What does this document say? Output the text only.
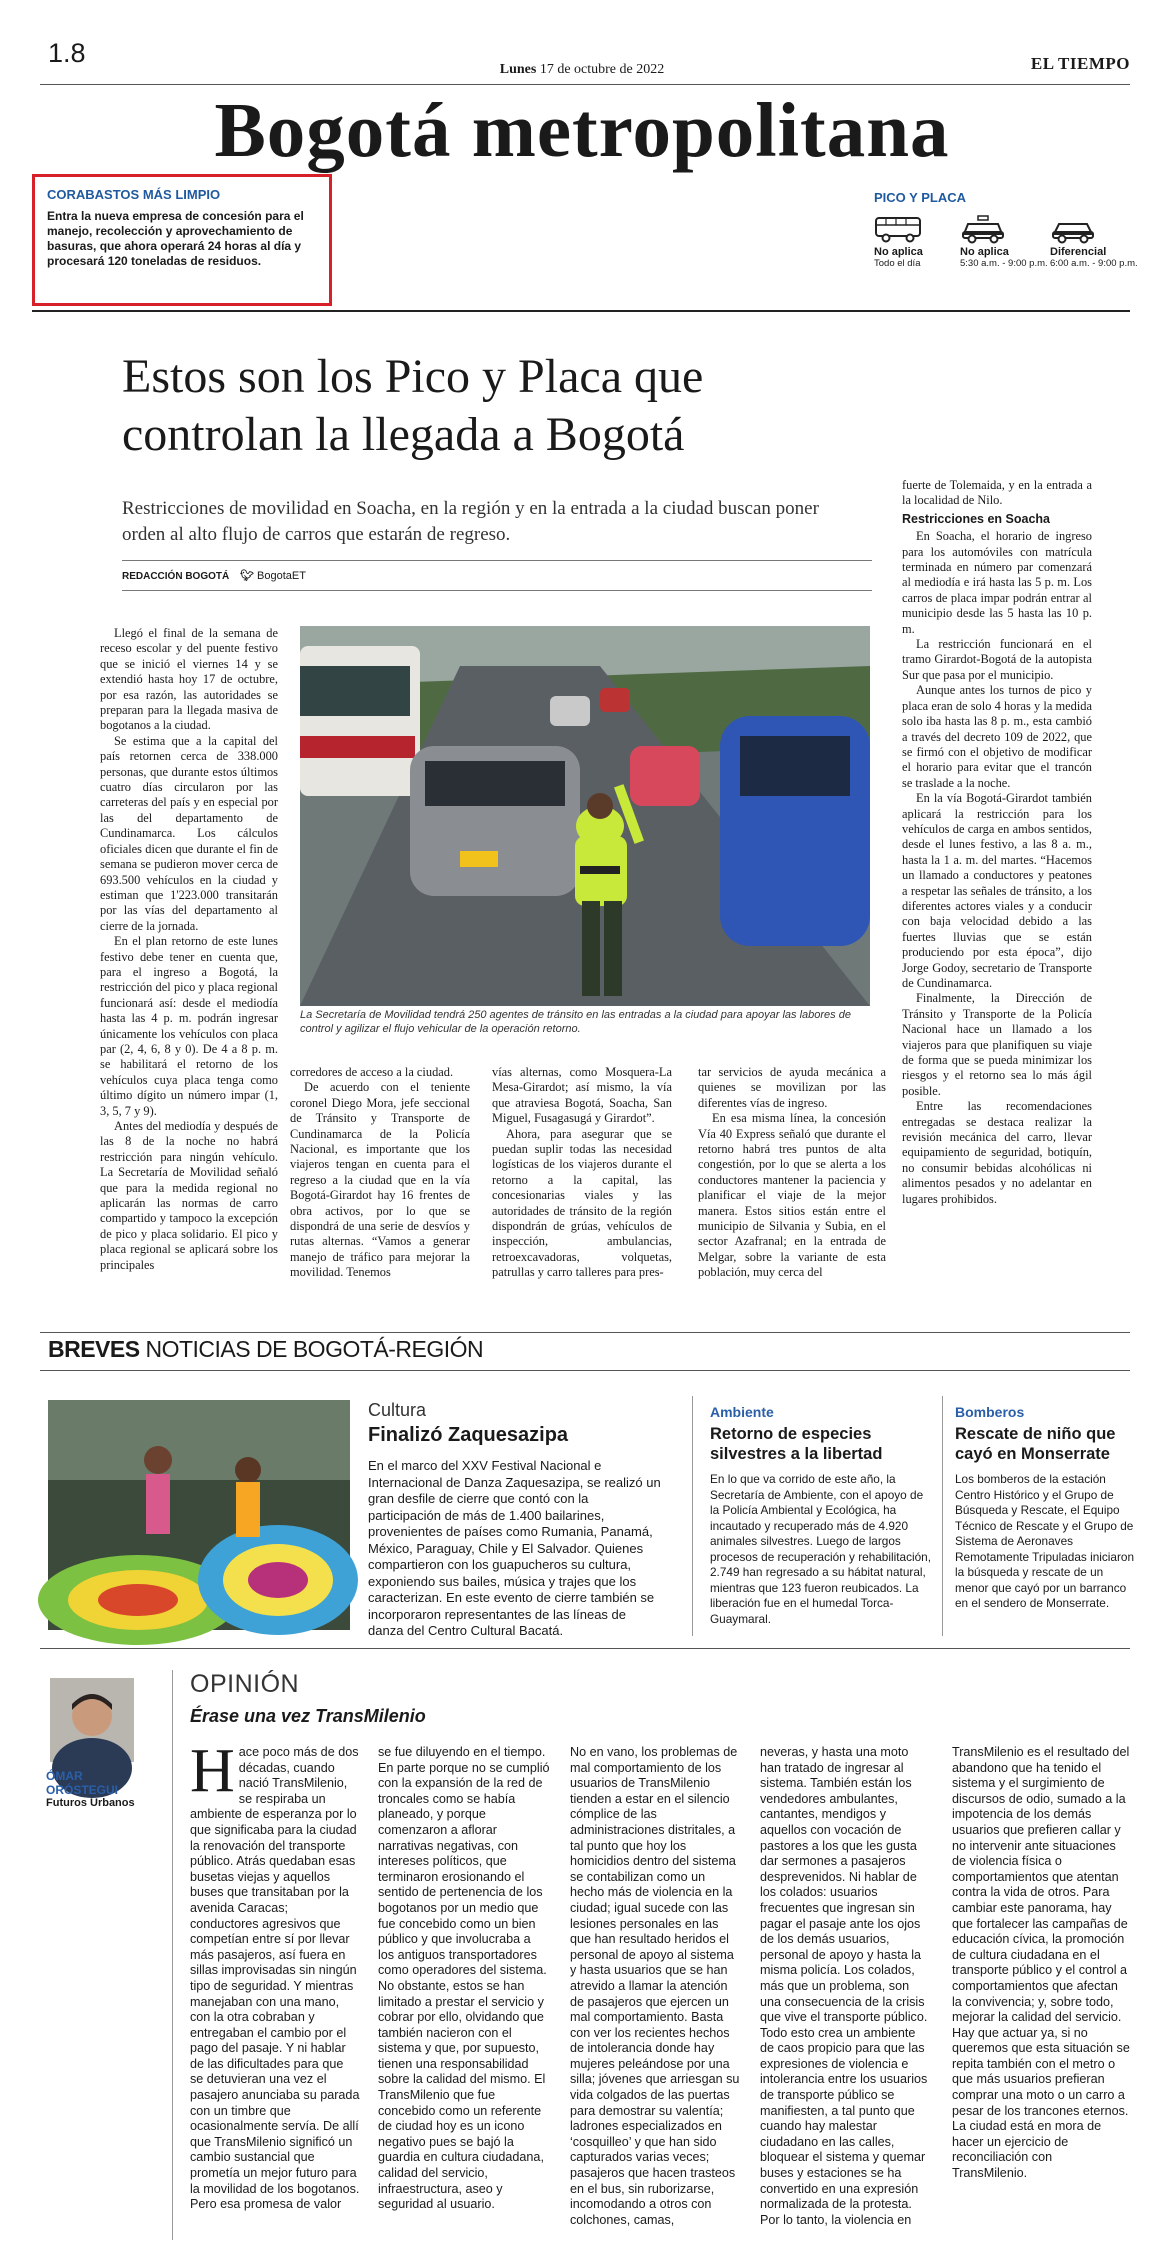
1.8
Lunes 17 de octubre de 2022	EL TIEMPO
Bogotá metropolitana
CORABASTOS MÁS LIMPIO
Entra la nueva empresa de concesión para el manejo, recolección y aprovechamiento de basuras, que ahora operará 24 horas al día y procesará 120 toneladas de residuos.
PICO Y PLACA
No aplica
Todo el día
No aplica
5:30 a.m. - 9:00 p.m.
Diferencial
6:00 a.m. - 9:00 p.m.
Estos son los Pico y Placa que
controlan la llegada a Bogotá
Restricciones de movilidad en Soacha, en la región y en la entrada a la ciudad buscan poner orden al alto flujo de carros que estarán de regreso.
REDACCIÓN BOGOTÁ 🐦︎ BogotaET

Llegó el final de la semana de receso escolar y del puente festivo que se inició el viernes 14 y se extendió hasta hoy 17 de octubre, por esa razón, las autoridades se preparan para la llegada masiva de bogotanos a la ciudad.

Se estima que a la capital del país retornen cerca de 338.000 personas, que durante estos últimos cuatro días circularon por las carreteras del país y en especial por las del departamento de Cundinamarca. Los cálculos oficiales dicen que durante el fin de semana se pudieron mover cerca de 693.500 vehículos en la ciudad y estiman que 1'223.000 transitarán por las vías del departamento al cierre de la jornada.

En el plan retorno de este lunes festivo debe tener en cuenta que, para el ingreso a Bogotá, la restricción del pico y placa regional funcionará así: desde el mediodía hasta las 4 p. m. podrán ingresar únicamente los vehículos con placa par (2, 4, 6, 8 y 0). De 4 a 8 p. m. se habilitará el retorno de los vehículos cuya placa tenga como último dígito un número impar (1, 3, 5, 7 y 9).

Antes del mediodía y después de las 8 de la noche no habrá restricción para ningún vehículo. La Secretaría de Movilidad señaló que para la medida regional no aplicarán las normas de carro compartido y tampoco la excepción de pico y placa solidario. El pico y placa regional se aplicará sobre los principales

La Secretaría de Movilidad tendrá 250 agentes de tránsito en las entradas a la ciudad para apoyar las labores de control y agilizar el flujo vehicular de la operación retorno.

corredores de acceso a la ciudad.

De acuerdo con el teniente coronel Diego Mora, jefe seccional de Tránsito y Transporte de Cundinamarca de la Policía Nacional, es importante que los viajeros tengan en cuenta para el regreso a la ciudad que en la vía Bogotá-Girardot hay 16 frentes de obra activos, por lo que se dispondrá de una serie de desvíos y rutas alternas. “Vamos a generar manejo de tráfico para mejorar la movilidad. Tenemos

vías alternas, como Mosquera-La Mesa-Girardot; así mismo, la vía que atraviesa Bogotá, Soacha, San Miguel, Fusagasugá y Girardot”.

Ahora, para asegurar que se puedan suplir todas las necesidad logísticas de los viajeros durante el retorno a la capital, las concesionarias viales y las autoridades de tránsito de la región dispondrán de grúas, vehículos de inspección, ambulancias, retroexcavadoras, volquetas, patrullas y carro talleres para pres-

tar servicios de ayuda mecánica a quienes se movilizan por las diferentes vías de ingreso.

En esa misma línea, la concesión Vía 40 Express señaló que durante el retorno habrá tres puntos de alta congestión, por lo que se alerta a los conductores mantener la paciencia y planificar el viaje de la mejor manera. Estos sitios están entre el municipio de Silvania y Subia, en el sector Azafranal; en la entrada de Melgar, sobre la variante de esta población, muy cerca del

fuerte de Tolemaida, y en la entrada a la localidad de Nilo.

Restricciones en Soacha

En Soacha, el horario de ingreso para los automóviles con matrícula terminada en número par comenzará al mediodía e irá hasta las 5 p. m. Los carros de placa impar podrán entrar al municipio desde las 5 hasta las 10 p. m.

La restricción funcionará en el tramo Girardot-Bogotá de la autopista Sur que pasa por el municipio.

Aunque antes los turnos de pico y placa eran de solo 4 horas y la medida solo iba hasta las 8 p. m., esta cambió a través del decreto 109 de 2022, que se firmó con el objetivo de modificar el horario para evitar que el trancón se traslade a la noche.

En la vía Bogotá-Girardot también aplicará la restricción para los vehículos de carga en ambos sentidos, desde el lunes festivo, a las 8 a. m., hasta la 1 a. m. del martes. “Hacemos un llamado a conductores y peatones a respetar las señales de tránsito, a los diferentes actores viales y a conducir con baja velocidad debido a las fuertes lluvias que se están produciendo por esta época”, dijo Jorge Godoy, secretario de Transporte de Cundinamarca.

Finalmente, la Dirección de Tránsito y Transporte de la Policía Nacional hace un llamado a los viajeros para que planifiquen su viaje de forma que se pueda minimizar los riesgos y el retorno sea lo más ágil posible.

Entre las recomendaciones entregadas se destaca realizar la revisión mecánica del carro, llevar equipamiento de seguridad, botiquín, no consumir bebidas alcohólicas ni alimentos pesados y no adelantar en lugares prohibidos.

BREVES NOTICIAS DE BOGOTÁ-REGIÓN
Cultura
Finalizó Zaquesazipa
En el marco del XXV Festival Nacional e Internacional de Danza Zaquesazipa, se realizó un gran desfile de cierre que contó con la participación de más de 1.400 bailarines, provenientes de países como Rumania, Panamá, México, Paraguay, Chile y El Salvador. Quienes compartieron con los guapucheros su cultura, exponiendo sus bailes, música y trajes que los caracterizan. En este evento de cierre también se incorporaron representantes de las líneas de danza del Centro Cultural Bacatá.
Ambiente
Retorno de especies silvestres a la libertad
En lo que va corrido de este año, la Secretaría de Ambiente, con el apoyo de la Policía Ambiental y Ecológica, ha incautado y recuperado más de 4.920 animales silvestres. Luego de largos procesos de recuperación y rehabilitación, 2.749 han regresado a su hábitat natural, mientras que 123 fueron reubicados. La liberación fue en el humedal Torca-Guaymaral.
Bomberos
Rescate de niño que cayó en Monserrate
Los bomberos de la estación Centro Histórico y el Grupo de Búsqueda y Rescate, el Equipo Técnico de Rescate y el Grupo de Sistema de Aeronaves Remotamente Tripuladas iniciaron la búsqueda y rescate de un menor que cayó por un barranco en el sendero de Monserrate.
ÓMAR
ORÓSTEGUI
Futuros Urbanos
OPINIÓN
Érase una vez TransMilenio
H ace poco más de dos décadas, cuando nació TransMilenio, se respiraba un ambiente de esperanza por lo que significaba para la ciudad la renovación del transporte público. Atrás quedaban esas busetas viejas y aquellos buses que transitaban por la avenida Caracas; conductores agresivos que competían entre sí por llevar más pasajeros, así fuera en sillas improvisadas sin ningún tipo de seguridad. Y mientras manejaban con una mano, con la otra cobraban y entregaban el cambio por el pago del pasaje. Y ni hablar de las dificultades para que se detuvieran una vez el pasajero anunciaba su parada con un timbre que ocasionalmente servía. De allí que TransMilenio significó un cambio sustancial que prometía un mejor futuro para la movilidad de los bogotanos. Pero esa promesa de valor

se fue diluyendo en el tiempo. En parte porque no se cumplió con la expansión de la red de troncales como se había planeado, y porque comenzaron a aflorar narrativas negativas, con intereses políticos, que terminaron erosionando el sentido de pertenencia de los bogotanos por un medio que fue concebido como un bien público y que involucraba a los antiguos transportadores como operadores del sistema. No obstante, estos se han limitado a prestar el servicio y cobrar por ello, olvidando que también nacieron con el sistema y que, por supuesto, tienen una responsabilidad sobre la calidad del mismo. El TransMilenio que fue concebido como un referente de ciudad hoy es un icono negativo pues se bajó la guardia en cultura ciudadana, calidad del servicio, infraestructura, aseo y seguridad al usuario.

No en vano, los problemas de mal comportamiento de los usuarios de TransMilenio tienden a estar en el silencio cómplice de las administraciones distritales, a tal punto que hoy los homicidios dentro del sistema se contabilizan como un hecho más de violencia en la ciudad; igual sucede con las lesiones personales en las que han resultado heridos el personal de apoyo al sistema y hasta usuarios que se han atrevido a llamar la atención de pasajeros que ejercen un mal comportamiento. Basta con ver los recientes hechos de intolerancia donde hay mujeres peleándose por una silla; jóvenes que arriesgan su vida colgados de las puertas para demostrar su valentía; ladrones especializados en ‘cosquilleo’ y que han sido capturados varias veces; pasajeros que hacen trasteos en el bus, sin ruborizarse, incomodando a otros con colchones, camas,

neveras, y hasta una moto han tratado de ingresar al sistema. También están los vendedores ambulantes, cantantes, mendigos y aquellos con vocación de pastores a los que les gusta dar sermones a pasajeros desprevenidos. Ni hablar de los colados: usuarios frecuentes que ingresan sin pagar el pasaje ante los ojos de los demás usuarios, personal de apoyo y hasta la misma policía. Los colados, más que un problema, son una consecuencia de la crisis que vive el transporte público. Todo esto crea un ambiente de caos propicio para que las expresiones de violencia e intolerancia entre los usuarios de transporte público se manifiesten, a tal punto que cuando hay malestar ciudadano en las calles, bloquear el sistema y quemar buses y estaciones se ha convertido en una expresión normalizada de la protesta. Por lo tanto, la violencia en

TransMilenio es el resultado del abandono que ha tenido el sistema y el surgimiento de discursos de odio, sumado a la impotencia de los demás usuarios que prefieren callar y no intervenir ante situaciones de violencia física o comportamientos que atentan contra la vida de otros. Para cambiar este panorama, hay que fortalecer las campañas de educación cívica, la promoción de cultura ciudadana en el transporte público y el control a comportamientos que afectan la convivencia; y, sobre todo, mejorar la calidad del servicio. Hay que actuar ya, si no queremos que esta situación se repita también con el metro o que más usuarios prefieran comprar una moto o un carro a pesar de los trancones eternos. La ciudad está en mora de hacer un ejercicio de reconciliación con TransMilenio.
